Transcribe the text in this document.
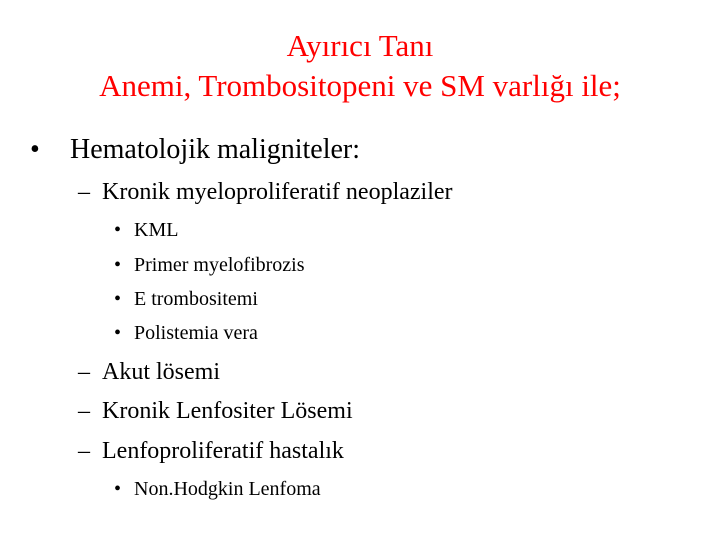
Ayırıcı Tanı
Anemi, Trombositopeni ve SM varlığı ile;
• Hematolojik maligniteler:
– Kronik myeloproliferatif neoplaziler
• KML
• Primer myelofibrozis
• E trombositemi
• Polistemia vera
– Akut lösemi
– Kronik Lenfositer Lösemi
– Lenfoproliferatif hastalık
• Non.Hodgkin Lenfoma
